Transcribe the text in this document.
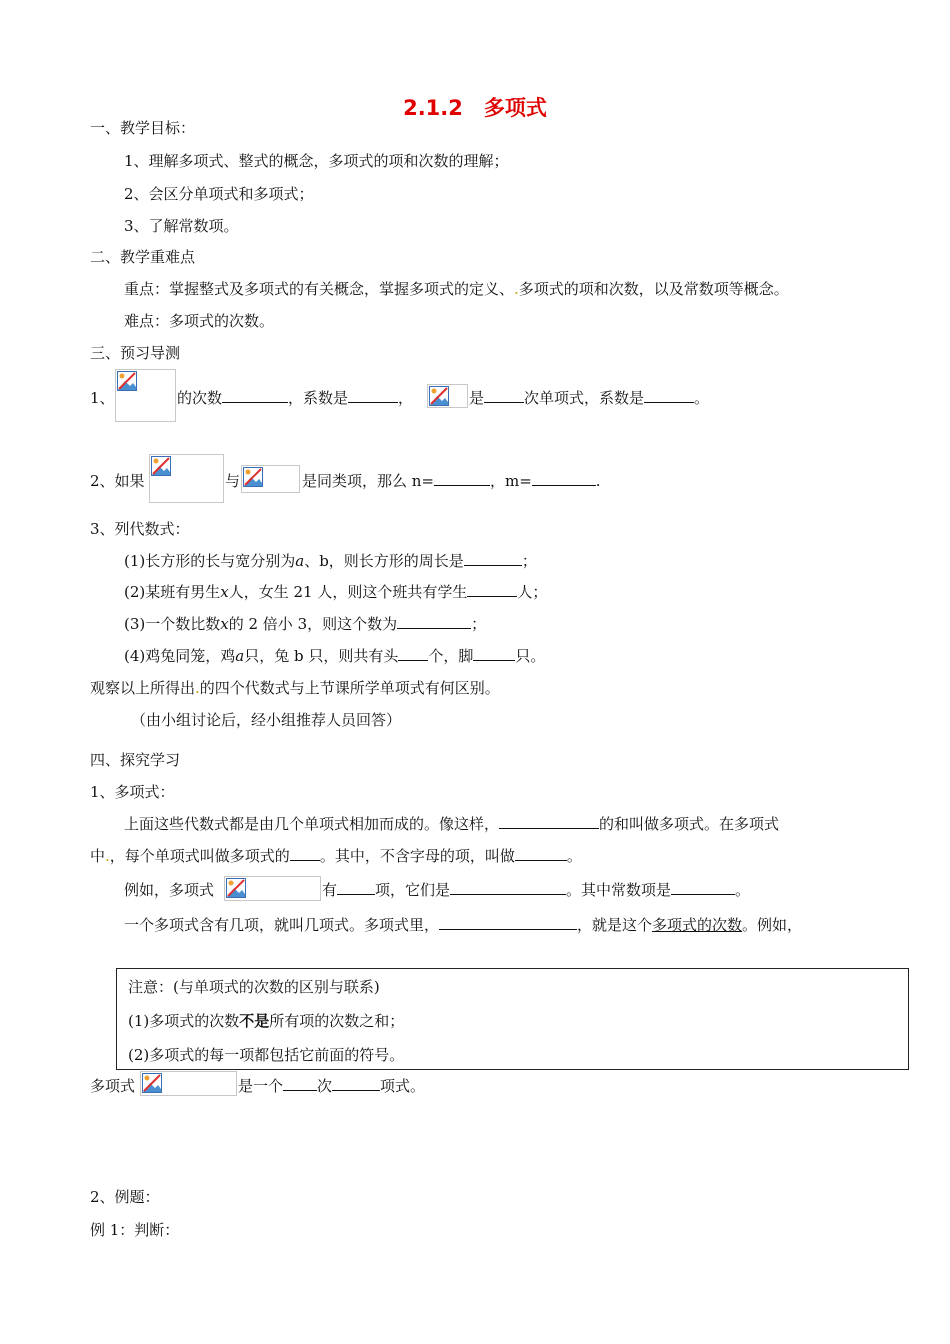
2.1.2　多项式
一、教学目标：
1、理解多项式、整式的概念，多项式的项和次数的理解；
2、会区分单项式和多项式；
3、了解常数项。
二、教学重难点
重点：掌握整式及多项式的有关概念，掌握多项式的定义、.多项式的项和次数，以及常数项等概念。
难点：多项式的次数。
三、预习导测
1、	的次数	，系数是	，	是	次单项式，系数是	。
2、如果	与	是同类项，那么 n=	，m=	.
3、列代数式：
(1)长方形的长与宽分别为a、b，则长方形的周长是	；
(2)某班有男生x人，女生 21 人，则这个班共有学生	人；
(3)一个数比数x的 2 倍小 3，则这个数为	；
(4)鸡兔同笼，鸡a只，兔 b 只，则共有头 个，脚	只。
观察以上所得出.的四个代数式与上节课所学单项式有何区别。
（由小组讨论后，经小组推荐人员回答）
四、探究学习
1、多项式：
上面这些代数式都是由几个单项式相加而成的。像这样，	的和叫做多项式。在多项式
中.，每个单项式叫做多项式的 。其中，不含字母的项，叫做	。
例如，多项式	有	项，它们是	。其中常数项是	。
一个多项式含有几项，就叫几项式。多项式里，	，就是这个多项式的次数。例如，
注意：(与单项式的次数的区别与联系)
(1)多项式的次数不是所有项的次数之和；
(2)多项式的每一项都包括它前面的符号。
多项式	是一个 次	项式。
2、例题：
例 1：判断：
